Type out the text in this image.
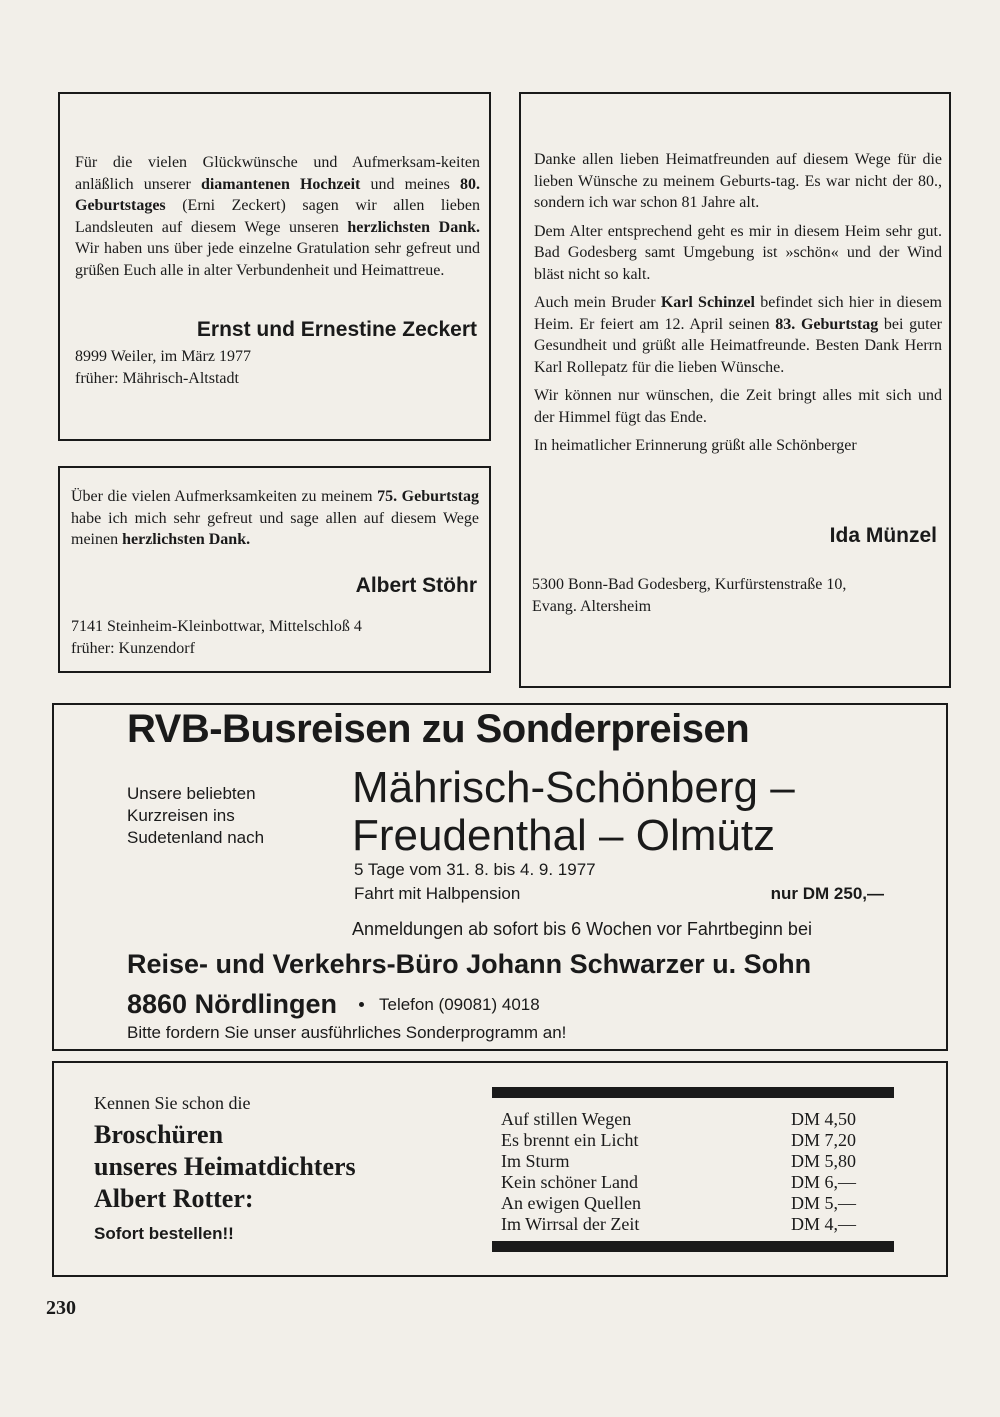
Für die vielen Glückwünsche und Aufmerksam-keiten anläßlich unserer diamantenen Hochzeit und meines 80. Geburtstages (Erni Zeckert) sagen wir allen lieben Landsleuten auf diesem Wege unseren herzlichsten Dank. Wir haben uns über jede einzelne Gratulation sehr gefreut und grüßen Euch alle in alter Verbundenheit und Heimattreue.

Ernst und Ernestine Zeckert
8999 Weiler, im März 1977
früher: Mährisch-Altstadt

Danke allen lieben Heimatfreunden auf diesem Wege für die lieben Wünsche zu meinem Geburts-tag. Es war nicht der 80., sondern ich war schon 81 Jahre alt.

Dem Alter entsprechend geht es mir in diesem Heim sehr gut. Bad Godesberg samt Umgebung ist »schön« und der Wind bläst nicht so kalt.

Auch mein Bruder Karl Schinzel befindet sich hier in diesem Heim. Er feiert am 12. April seinen 83. Geburtstag bei guter Gesundheit und grüßt alle Heimatfreunde. Besten Dank Herrn Karl Rollepatz für die lieben Wünsche.

Wir können nur wünschen, die Zeit bringt alles mit sich und der Himmel fügt das Ende.

In heimatlicher Erinnerung grüßt alle Schönberger

Ida Münzel
5300 Bonn-Bad Godesberg, Kurfürstenstraße 10,
Evang. Altersheim

Über die vielen Aufmerksamkeiten zu meinem 75. Geburtstag habe ich mich sehr gefreut und sage allen auf diesem Wege meinen herzlichsten Dank.

Albert Stöhr
7141 Steinheim-Kleinbottwar, Mittelschloß 4
früher: Kunzendorf
RVB-Busreisen zu Sonderpreisen
Unsere beliebten
Kurzreisen ins
Sudetenland nach
Mährisch-Schönberg –
Freudenthal – Olmütz
5 Tage vom 31. 8. bis 4. 9. 1977
Fahrt mit Halbpension	nur DM 250,—
Anmeldungen ab sofort bis 6 Wochen vor Fahrtbeginn bei
Reise- und Verkehrs-Büro Johann Schwarzer u. Sohn
8860 Nördlingen Telefon (09081) 4018
Bitte fordern Sie unser ausführliches Sonderprogramm an!
Kennen Sie schon die
Broschüren
unseres Heimatdichters
Albert Rotter:
Sofort bestellen!!
Auf stillen Wegen	DM 4,50
Es brennt ein Licht	DM 7,20
Im Sturm	DM 5,80
Kein schöner Land	DM 6,—
An ewigen Quellen	DM 5,—
Im Wirrsal der Zeit	DM 4,—
230
